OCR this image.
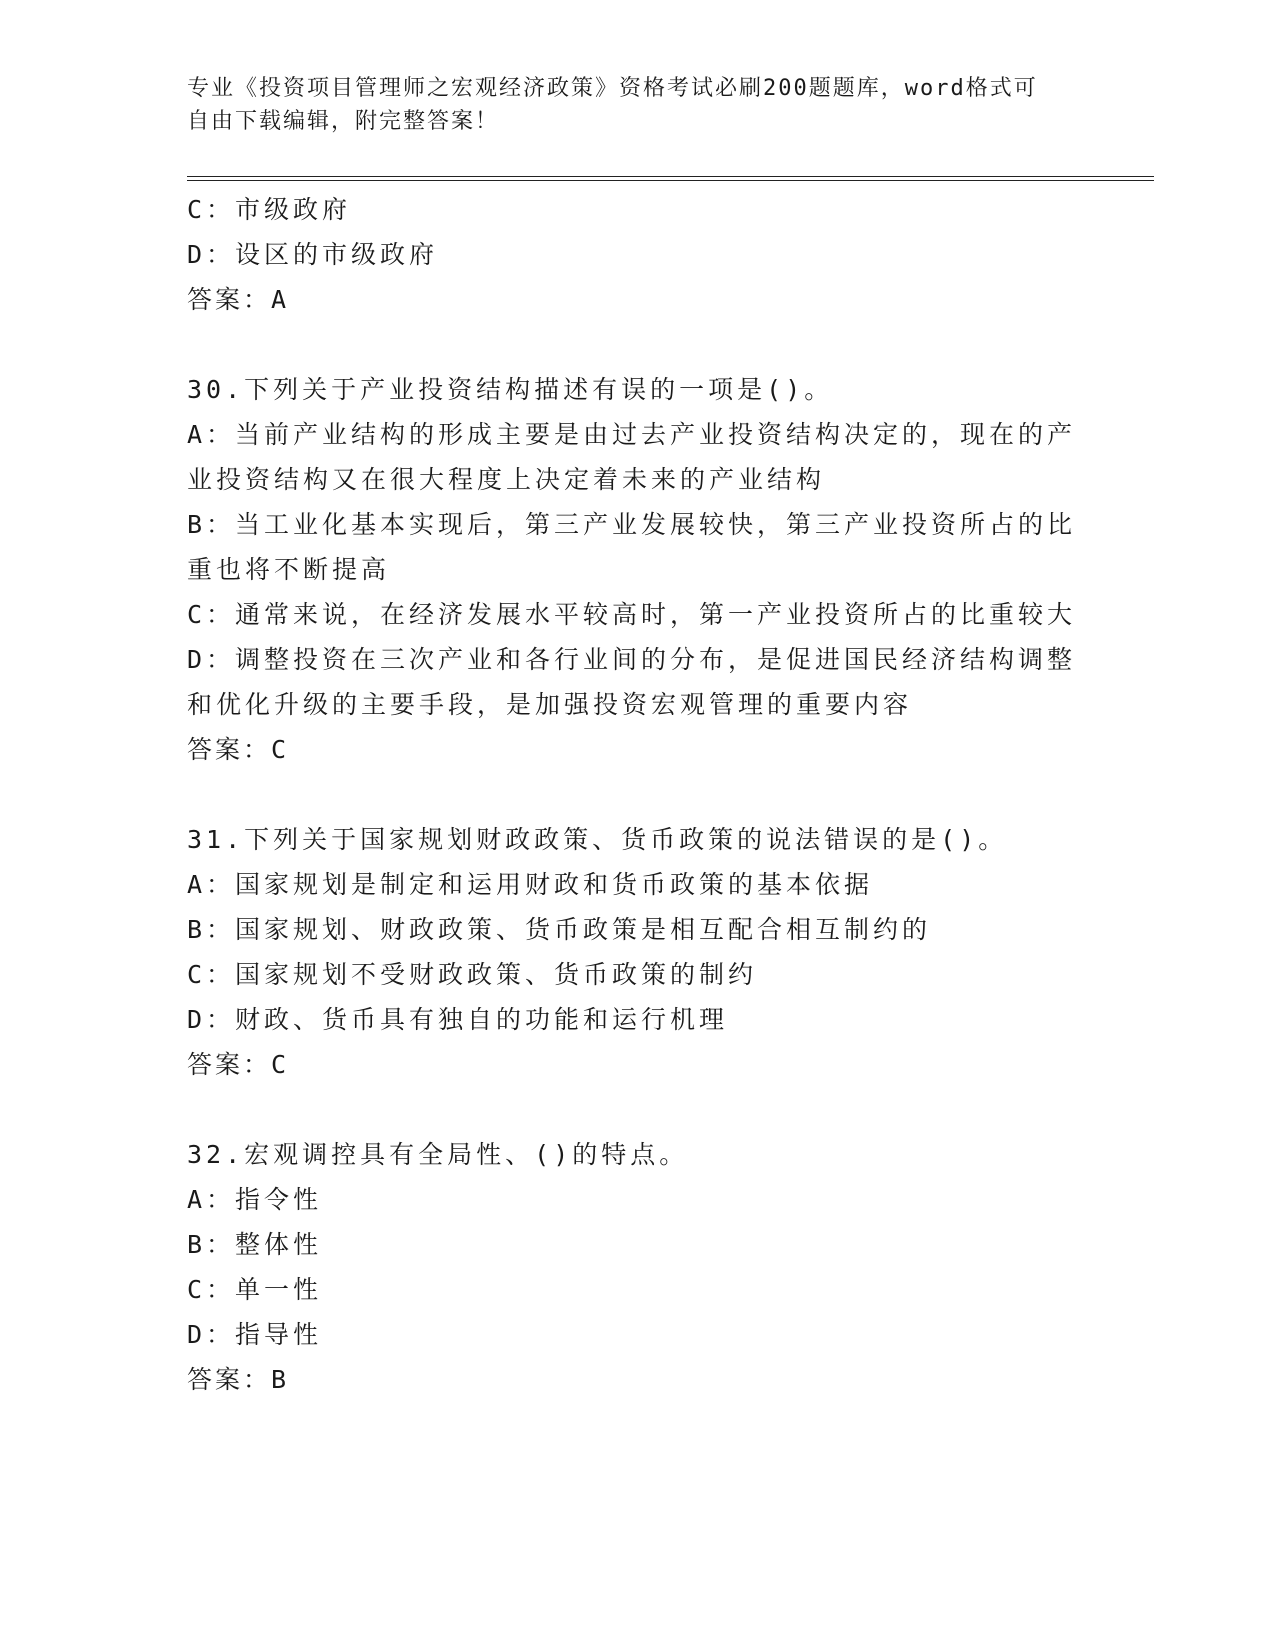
专业《投资项目管理师之宏观经济政策》资格考试必刷200题题库，word格式可
自由下载编辑，附完整答案！

C：市级政府

D：设区的市级政府

答案：A

30.下列关于产业投资结构描述有误的一项是()。

A：当前产业结构的形成主要是由过去产业投资结构决定的，现在的产

业投资结构又在很大程度上决定着未来的产业结构

B：当工业化基本实现后，第三产业发展较快，第三产业投资所占的比

重也将不断提高

C：通常来说，在经济发展水平较高时，第一产业投资所占的比重较大

D：调整投资在三次产业和各行业间的分布，是促进国民经济结构调整

和优化升级的主要手段，是加强投资宏观管理的重要内容

答案：C

31.下列关于国家规划财政政策、货币政策的说法错误的是()。

A：国家规划是制定和运用财政和货币政策的基本依据

B：国家规划、财政政策、货币政策是相互配合相互制约的

C：国家规划不受财政政策、货币政策的制约

D：财政、货币具有独自的功能和运行机理

答案：C

32.宏观调控具有全局性、()的特点。

A：指令性

B：整体性

C：单一性

D：指导性

答案：B
